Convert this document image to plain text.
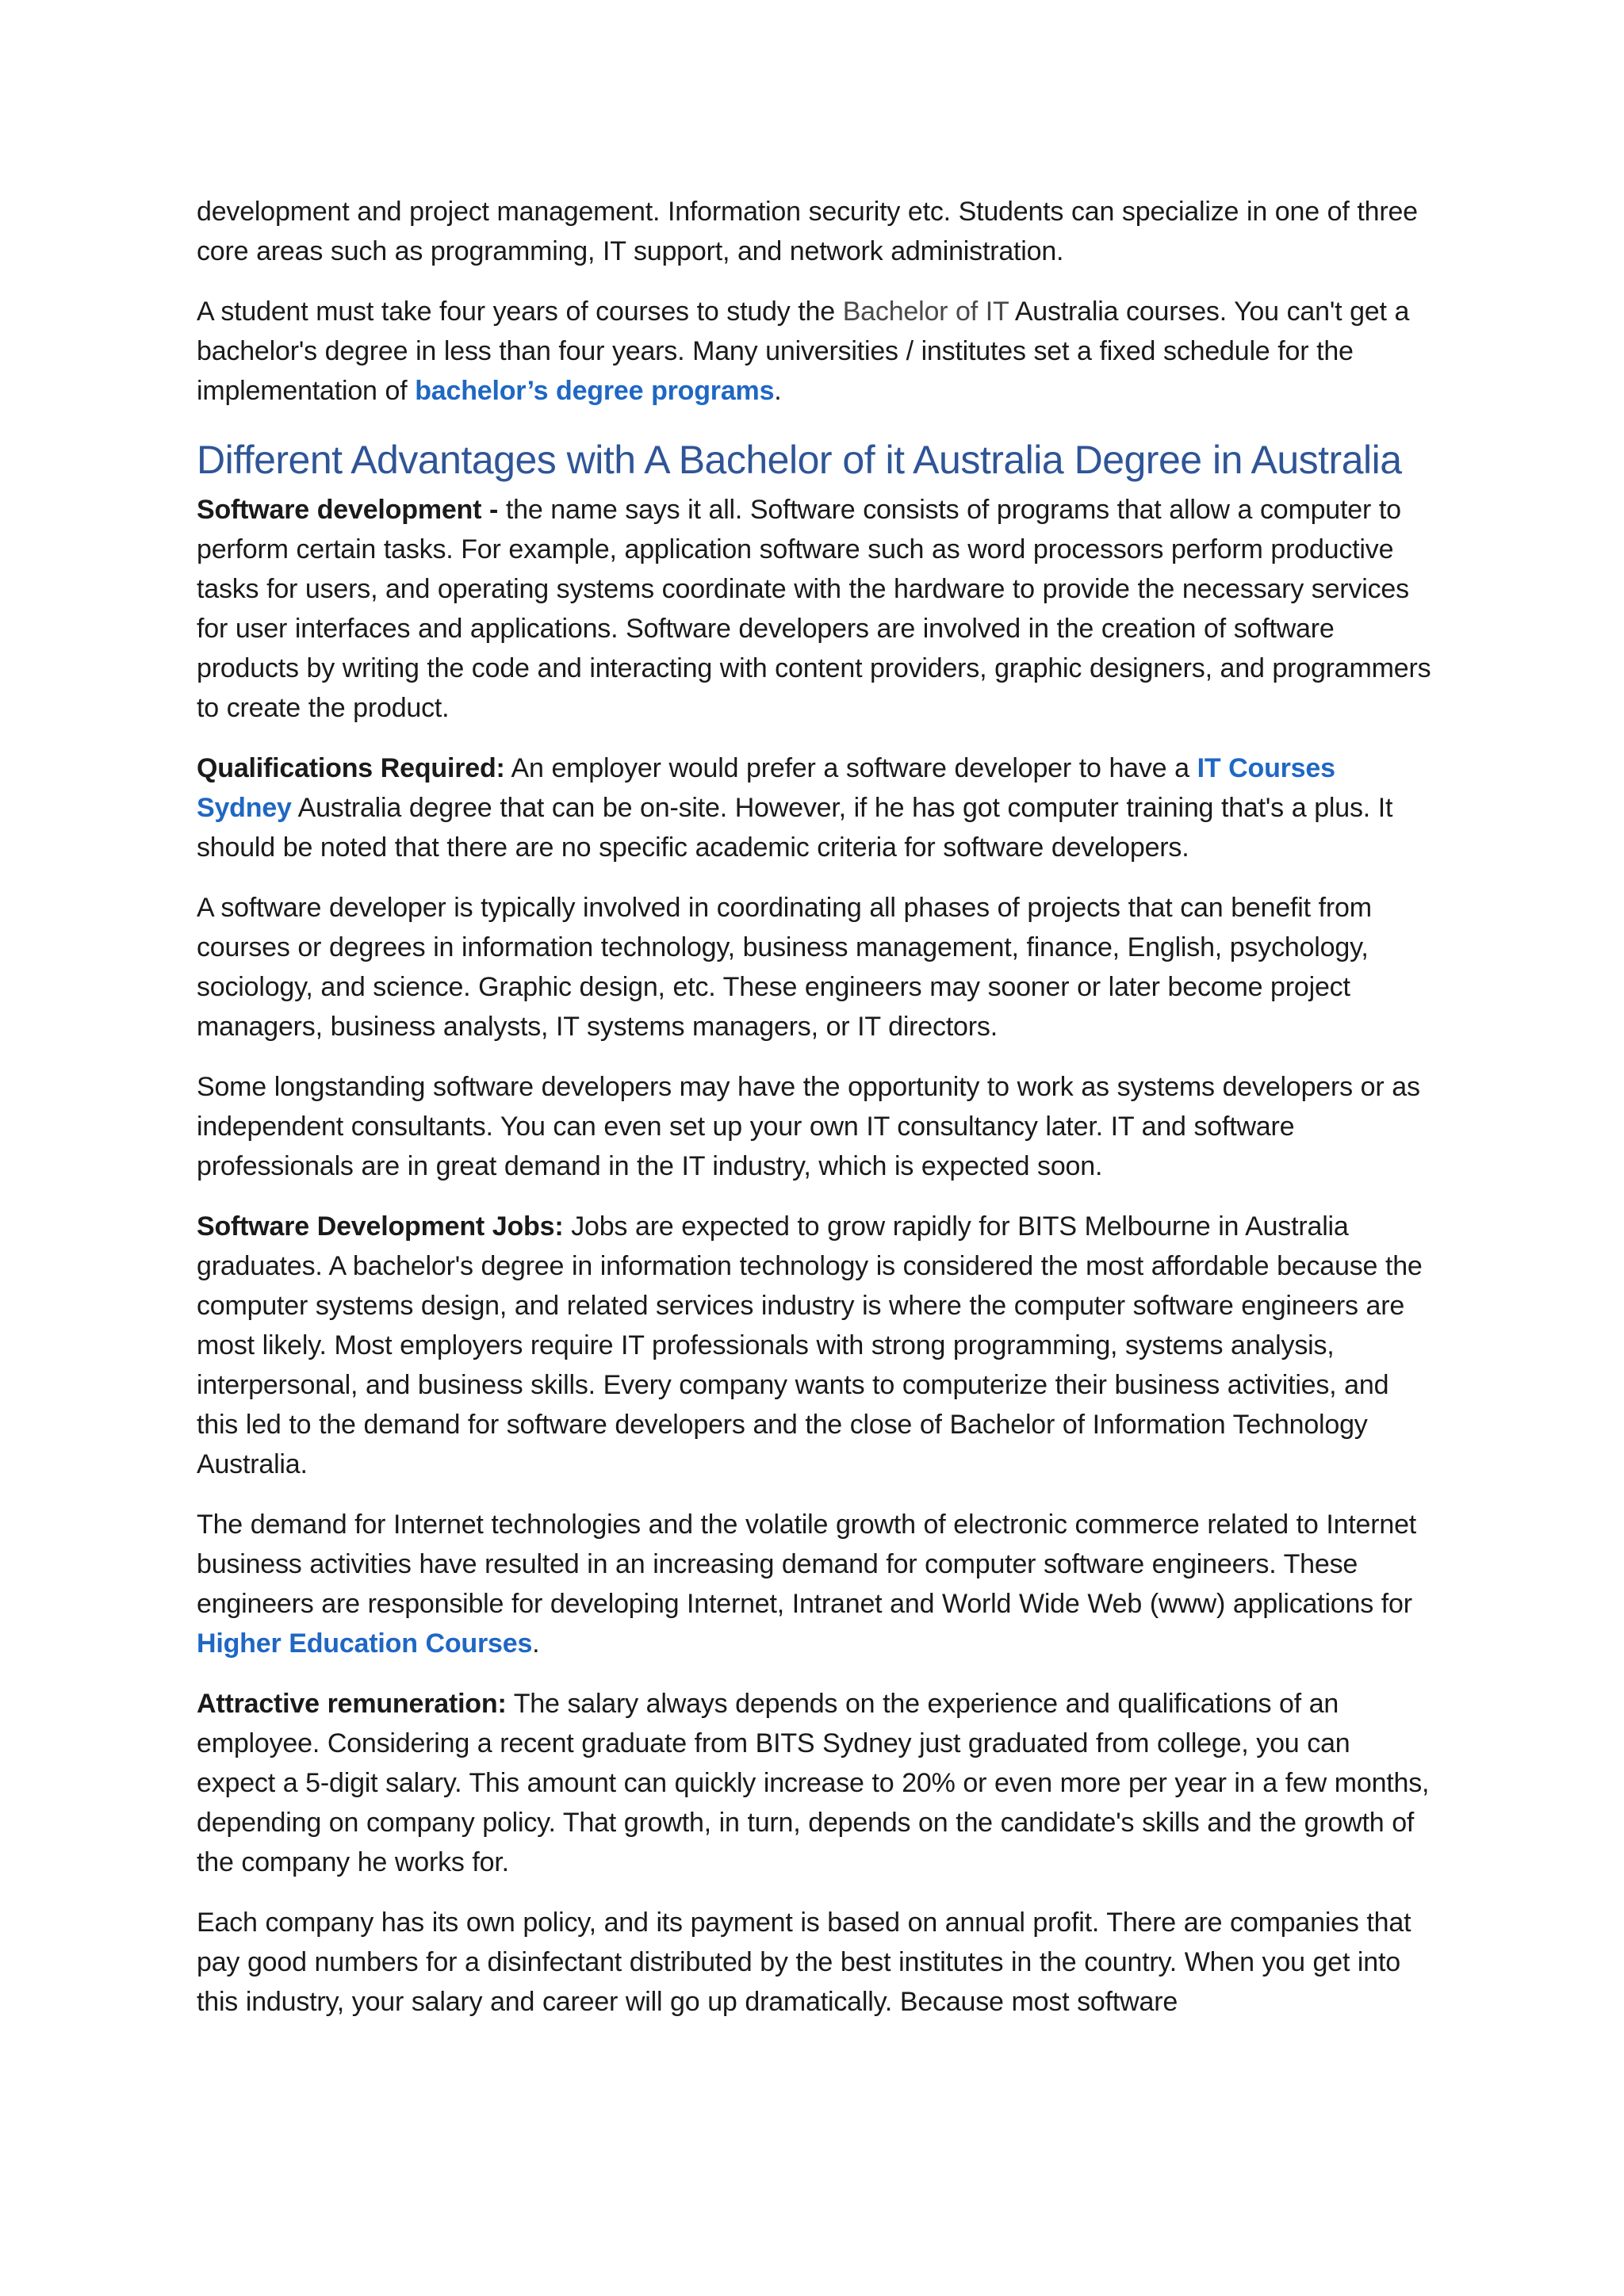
development and project management. Information security etc. Students can specialize in one of three core areas such as programming, IT support, and network administration.

A student must take four years of courses to study the Bachelor of IT Australia courses. You can't get a bachelor's degree in less than four years. Many universities / institutes set a fixed schedule for the implementation of bachelor’s degree programs.

Different Advantages with A Bachelor of it Australia Degree in Australia

Software development - the name says it all. Software consists of programs that allow a computer to perform certain tasks. For example, application software such as word processors perform productive tasks for users, and operating systems coordinate with the hardware to provide the necessary services for user interfaces and applications. Software developers are involved in the creation of software products by writing the code and interacting with content providers, graphic designers, and programmers to create the product.

Qualifications Required: An employer would prefer a software developer to have a IT Courses Sydney Australia degree that can be on-site. However, if he has got computer training that's a plus. It should be noted that there are no specific academic criteria for software developers.

A software developer is typically involved in coordinating all phases of projects that can benefit from courses or degrees in information technology, business management, finance, English, psychology, sociology, and science. Graphic design, etc. These engineers may sooner or later become project managers, business analysts, IT systems managers, or IT directors.

Some longstanding software developers may have the opportunity to work as systems developers or as independent consultants. You can even set up your own IT consultancy later. IT and software professionals are in great demand in the IT industry, which is expected soon.

Software Development Jobs: Jobs are expected to grow rapidly for BITS Melbourne in Australia graduates. A bachelor's degree in information technology is considered the most affordable because the computer systems design, and related services industry is where the computer software engineers are most likely. Most employers require IT professionals with strong programming, systems analysis, interpersonal, and business skills. Every company wants to computerize their business activities, and this led to the demand for software developers and the close of Bachelor of Information Technology Australia.

The demand for Internet technologies and the volatile growth of electronic commerce related to Internet business activities have resulted in an increasing demand for computer software engineers. These engineers are responsible for developing Internet, Intranet and World Wide Web (www) applications for Higher Education Courses.

Attractive remuneration: The salary always depends on the experience and qualifications of an employee. Considering a recent graduate from BITS Sydney just graduated from college, you can expect a 5-digit salary. This amount can quickly increase to 20% or even more per year in a few months, depending on company policy. That growth, in turn, depends on the candidate's skills and the growth of the company he works for.

Each company has its own policy, and its payment is based on annual profit. There are companies that pay good numbers for a disinfectant distributed by the best institutes in the country. When you get into this industry, your salary and career will go up dramatically. Because most software
